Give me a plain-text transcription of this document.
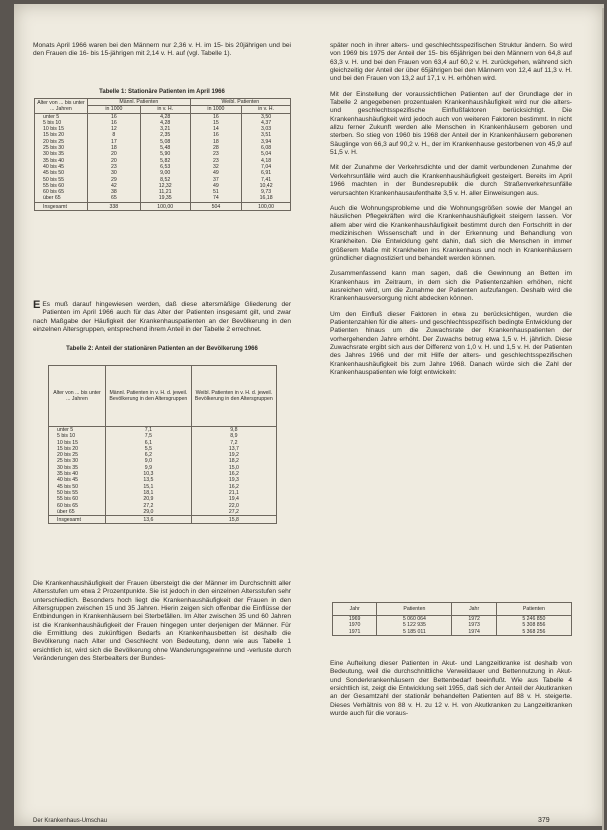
Monats April 1966 waren bei den Männern nur 2,36 v. H. im 15- bis 20jährigen und bei den Frauen die 16- bis 15-jährigen mit 2,14 v. H. auf (vgl. Tabelle 1).

Tabelle 1: Stationäre Patienten im April 1966
Alter von ... bis unter ... Jahren	Männl. Patienten		Weibl. Patienten	
	in 1000	in v. H.	in 1000	in v. H.
unter 5	16	4,28	16	3,50
5 bis 10	16	4,28	15	4,37
10 bis 15	12	3,21	14	3,03
15 bis 20	8	2,35	16	3,51
20 bis 25	17	5,08	18	3,94
25 bis 30	18	5,48	28	6,08
30 bis 35	20	5,90	23	5,04
35 bis 40	20	5,82	23	4,18
40 bis 45	23	6,53	32	7,04
45 bis 50	30	9,00	49	6,91
50 bis 55	29	8,52	37	7,41
55 bis 60	42	12,32	49	10,42
60 bis 65	38	11,21	51	9,73
über 65	65	19,35	74	16,18
Insgesamt	338	100,00	504	100,00

E Es muß darauf hingewiesen werden, daß diese altersmäßige Gliederung der Patienten im April 1966 auch für das Alter der Patienten insgesamt gilt, und zwar nach Maßgabe der Häufigkeit der Krankenhauspatienten an der Bevölkerung in den einzelnen Altersgruppen, entsprechend ihrem Anteil in der Tabelle 2 errechnet.

Tabelle 2: Anteil der stationären Patienten an der Bevölkerung 1966
Alter von ... bis unter ... Jahren	Männl. Patienten in v. H. d. jeweil. Bevölkerung in den Altersgruppen	Weibl. Patienten in v. H. d. jeweil. Bevölkerung in den Altersgruppen
unter 5	7,1	9,8
5 bis 10	7,5	8,9
10 bis 15	6,1	7,2
15 bis 20	5,5	13,7
20 bis 25	6,2	19,2
25 bis 30	9,0	18,2
30 bis 35	9,9	15,0
35 bis 40	10,3	16,2
40 bis 45	13,5	19,3
45 bis 50	15,1	16,2
50 bis 55	18,1	21,1
55 bis 60	20,9	19,4
60 bis 65	27,2	22,0
über 65	29,0	27,2
Insgesamt	13,6	15,8

Die Krankenhaushäufigkeit der Frauen übersteigt die der Männer im Durchschnitt aller Altersstufen um etwa 2 Prozentpunkte. Sie ist jedoch in den einzelnen Altersstufen sehr unterschiedlich. Besonders hoch liegt die Krankenhaushäufigkeit der Frauen in den Altersgruppen zwischen 15 und 35 Jahren. Hierin zeigen sich offenbar die Einflüsse der Entbindungen in Krankenhäusern bei Sterbefällen. Im Alter zwischen 35 und 60 Jahren ist die Krankenhaushäufigkeit der Frauen hingegen unter derjenigen der Männer. Für die Ermittlung des zukünftigen Bedarfs an Krankenhausbetten ist deshalb die Bevölkerung nach Alter und Geschlecht von Bedeutung, denn wie aus Tabelle 1 ersichtlich ist, wird sich die Bevölkerung ohne Wanderungsgewinne und -verluste durch Veränderungen des Sterbealters der Bundes-

später noch in ihrer alters- und geschlechtsspezifischen Struktur ändern. So wird von 1969 bis 1975 der Anteil der 15- bis 65jährigen bei den Männern von 64,8 auf 63,3 v. H. und bei den Frauen von 63,4 auf 60,2 v. H. zurückgehen, während sich gleichzeitig der Anteil der über 65jährigen bei den Männern von 12,4 auf 11,3 v. H. und bei den Frauen von 13,2 auf 17,1 v. H. erhöhen wird.

Mit der Einstellung der voraussichtlichen Patienten auf der Grundlage der in Tabelle 2 angegebenen prozentualen Krankenhaushäufigkeit wird nur die alters- und geschlechtsspezifische Einflußfaktoren berücksichtigt. Die Krankenhaushäufigkeit wird jedoch auch von weiteren Faktoren bestimmt. In nicht allzu ferner Zukunft werden alle Menschen in Krankenhäusern geboren und sterben. So stieg von 1960 bis 1968 der Anteil der in Krankenhäusern geborenen Säuglinge von 66,3 auf 90,2 v. H., der im Krankenhause gestorbenen von 45,9 auf 51,5 v. H.

Mit der Zunahme der Verkehrsdichte und der damit verbundenen Zunahme der Verkehrsunfälle wird auch die Krankenhaushäufigkeit gesteigert. Bereits im April 1966 machten in der Bundesrepublik die durch Straßenverkehrsunfälle verursachten Krankenhausaufenthalte 3,5 v. H. aller Einweisungen aus.

Auch die Wohnungsprobleme und die Wohnungsgrößen sowie der Mangel an häuslichen Pflegekräften wird die Krankenhaushäufigkeit steigern lassen. Vor allem aber wird die Krankenhaushäufigkeit bestimmt durch den Fortschritt in der medizinischen Wissenschaft und in der Erkennung und Behandlung von Krankheiten. Die Entwicklung geht dahin, daß sich die Menschen in immer größerem Maße mit Krankheiten ins Krankenhaus und noch in Krankenhäusern gründlicher diagnostiziert und behandelt werden können.

Zusammenfassend kann man sagen, daß die Gewinnung an Betten im Krankenhaus im Zeitraum, in dem sich die Patientenzahlen erhöhen, nicht ausreichen wird, um die Zunahme der Patienten aufzufangen. Deshalb wird die Krankenhausversorgung nicht abdecken können.

Um den Einfluß dieser Faktoren in etwa zu berücksichtigen, wurden die Patientenzahlen für die alters- und geschlechtsspezifisch bedingte Entwicklung der Patienten hinaus um die Zuwachsrate der Krankenhauspatienten der vorhergehenden Jahre erhöht. Der Zuwachs betrug etwa 1,5 v. H. jährlich. Diese Zuwachsrate ergibt sich aus der Differenz von 1,0 v. H. und 1,5 v. H. der Patienten des Jahres 1966 und der mit Hilfe der alters- und geschlechtsspezifischen Krankenhaushäufigkeit bis zum Jahre 1968. Danach würde sich die Zahl der Krankenhauspatienten wie folgt entwickeln:

Jahr	Patienten	Jahr	Patienten
1969	5 060 064	1972	5 246 850
1970	5 122 935	1973	5 308 856
1971	5 185 011	1974	5 368 256

Eine Aufteilung dieser Patienten in Akut- und Langzeitkranke ist deshalb von Bedeutung, weil die durchschnittliche Verweildauer und Bettennutzung in Akut- und Sonderkrankenhäusern der Bettenbedarf beeinflußt. Wie aus Tabelle 4 ersichtlich ist, zeigt die Entwicklung seit 1955, daß sich der Anteil der Akutkranken an der Gesamtzahl der stationär behandelten Patienten auf 88 v. H. steigerte. Dieses Verhältnis von 88 v. H. zu 12 v. H. von Akutkranken zu Langzeitkranken wurde auch für die voraus-

Der Krankenhaus-Umschau	379
